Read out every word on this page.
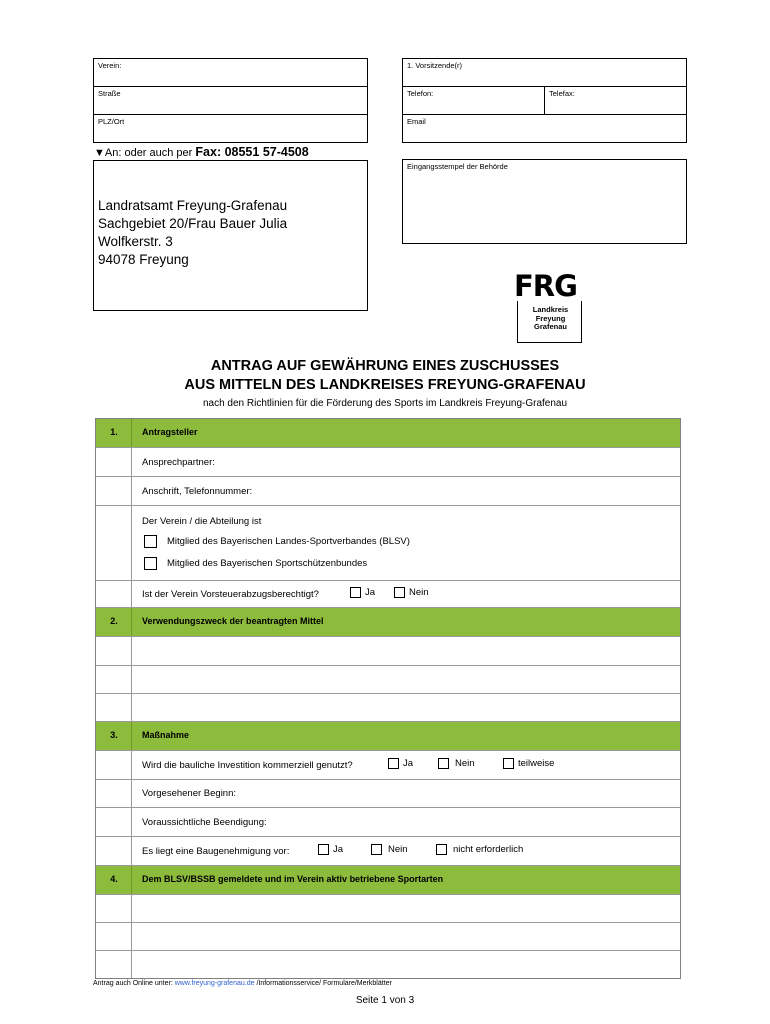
Verein:
Straße
PLZ/Ort
1. Vorsitzende(r)
Telefon:	Telefax:
Email
▼An: oder auch per Fax: 08551 57-4508
Landratsamt Freyung-Grafenau
Sachgebiet 20/Frau Bauer Julia
Wolfkerstr. 3
94078 Freyung
Eingangsstempel der Behörde
FRG
Landkreis
Freyung
Grafenau
ANTRAG AUF GEWÄHRUNG EINES ZUSCHUSSES
AUS MITTELN DES LANDKREISES FREYUNG-GRAFENAU
nach den Richtlinien für die Förderung des Sports im Landkreis Freyung-Grafenau
1.	Antragsteller
Ansprechpartner:
Anschrift, Telefonnummer:
Der Verein / die Abteilung ist
Mitglied des Bayerischen Landes-Sportverbandes (BLSV)
Mitglied des Bayerischen Sportschützenbundes
Ist der Verein Vorsteuerabzugsberechtigt?	Ja	Nein
2.	Verwendungszweck der beantragten Mittel
3.	Maßnahme
Wird die bauliche Investition kommerziell genutzt?	Ja	Nein	teilweise
Vorgesehener Beginn:
Voraussichtliche Beendigung:
Es liegt eine Baugenehmigung vor:	Ja	Nein	nicht erforderlich
4.	Dem BLSV/BSSB gemeldete und im Verein aktiv betriebene Sportarten
Antrag auch Online unter: www.freyung-grafenau.de /Informationsservice/ Formulare/Merkblätter
Seite 1 von 3
